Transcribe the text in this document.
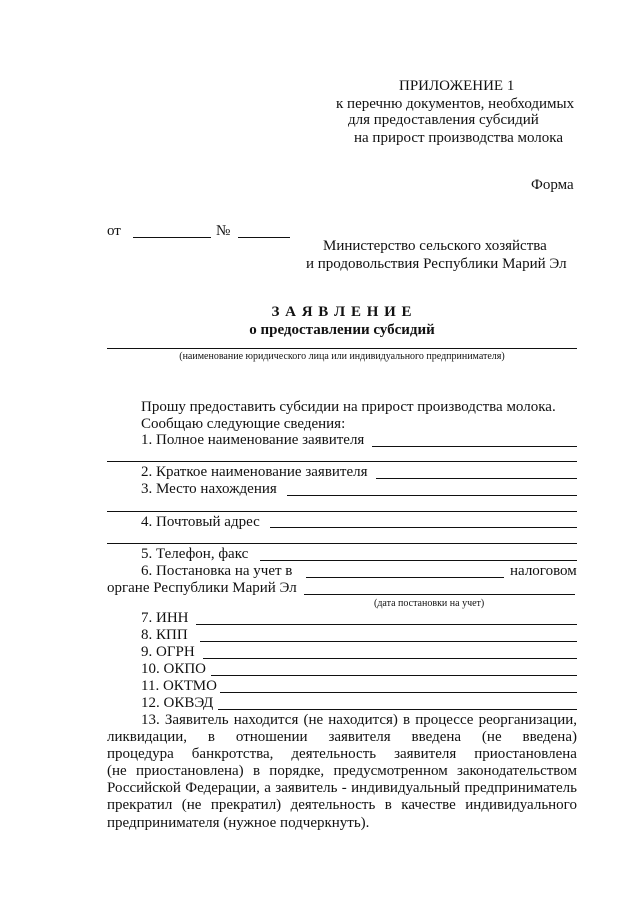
ПРИЛОЖЕНИЕ 1
к перечню документов, необходимых
для предоставления субсидий
на прирост производства молока
Форма
от	№
Министерство сельского хозяйства
и продовольствия Республики Марий Эл
З А Я В Л Е Н И Е
о предоставлении субсидий
(наименование юридического лица или индивидуального предпринимателя)
Прошу предоставить субсидии на прирост производства молока.
Сообщаю следующие сведения:
1. Полное наименование заявителя
2. Краткое наименование заявителя
3. Место нахождения
4. Почтовый адрес
5. Телефон, факс
6. Постановка на учет в	налоговом
органе Республики Марий Эл
(дата постановки на учет)
7. ИНН
8. КПП
9. ОГРН
10. ОКПО
11. ОКТМО
12. ОКВЭД
13. Заявитель находится (не находится) в процессе реорганизации,
ликвидации, в отношении заявителя введена (не введена)
процедура банкротства, деятельность заявителя приостановлена
(не приостановлена) в порядке, предусмотренном законодательством
Российской Федерации, а заявитель - индивидуальный предприниматель
прекратил (не прекратил) деятельность в качестве индивидуального
предпринимателя (нужное подчеркнуть).
